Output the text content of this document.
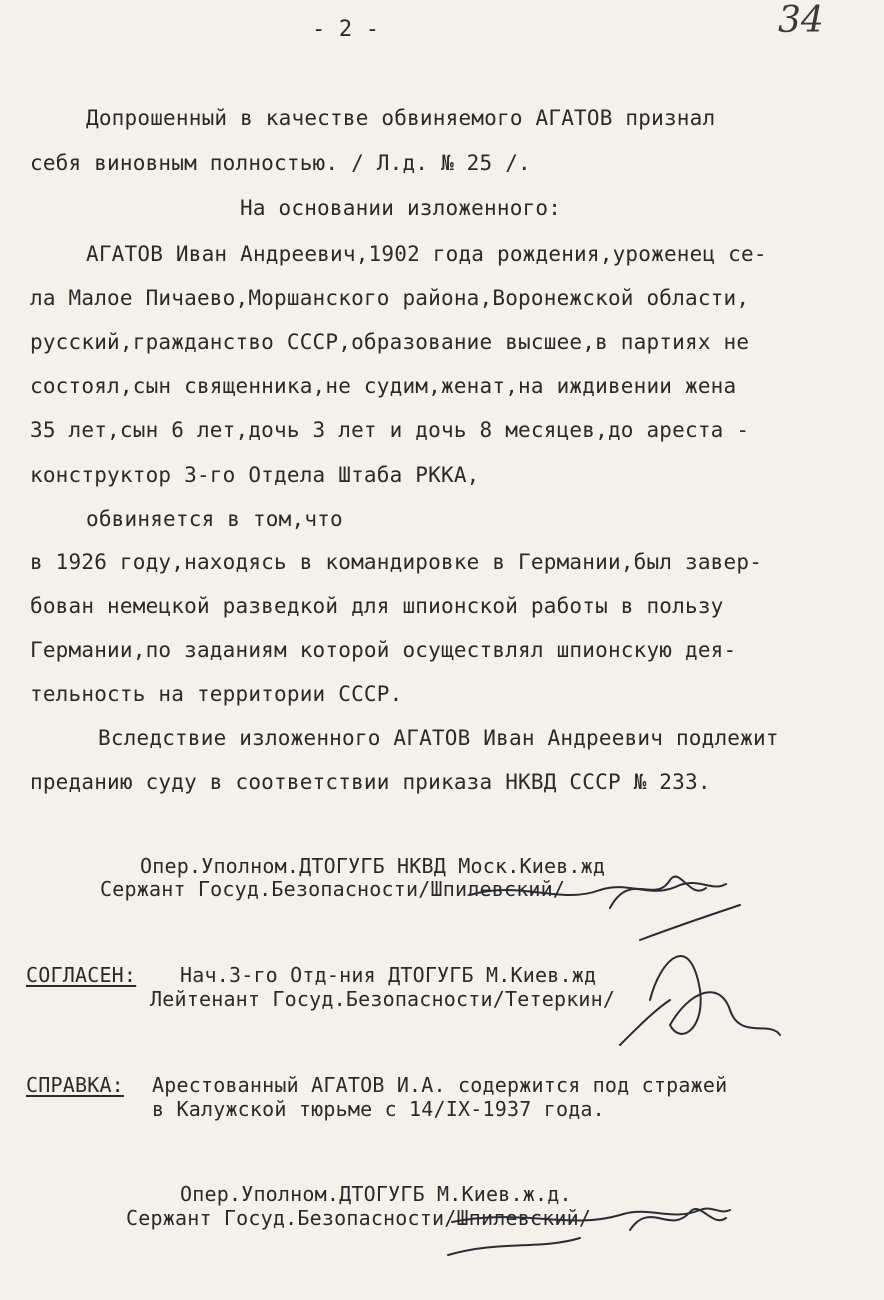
- 2 -	34
Допрошенный в качестве обвиняемого АГАТОВ признал
себя виновным полностью. / Л.д. № 25 /.
На основании изложенного:
АГАТОВ Иван Андреевич,1902 года рождения,уроженец се-
ла Малое Пичаево,Моршанского района,Воронежской области,
русский,гражданство СССР,образование высшее,в партиях не
состоял,сын священника,не судим,женат,на иждивении жена
35 лет,сын 6 лет,дочь 3 лет и дочь 8 месяцев,до ареста -
конструктор 3-го Отдела Штаба РККА,
обвиняется в том,что
в 1926 году,находясь в командировке в Германии,был завер-
бован немецкой разведкой для шпионской работы в пользу
Германии,по заданиям которой осуществлял шпионскую дея-
тельность на территории СССР.
Вследствие изложенного АГАТОВ Иван Андреевич подлежит
преданию суду в соответствии приказа НКВД СССР № 233.
Опер.Уполном.ДТОГУГБ НКВД Моск.Киев.жд
Сержант Госуд.Безопасности/Шпилевский/
СОГЛАСЕН: Нач.3-го Отд-ния ДТОГУГБ М.Киев.жд
Лейтенант Госуд.Безопасности/Тетеркин/
СПРАВКА: Арестованный АГАТОВ И.А. содержится под стражей
в Калужской тюрьме с 14/IX-1937 года.
Опер.Уполном.ДТОГУГБ М.Киев.ж.д.
Сержант Госуд.Безопасности/Шпилевский/
